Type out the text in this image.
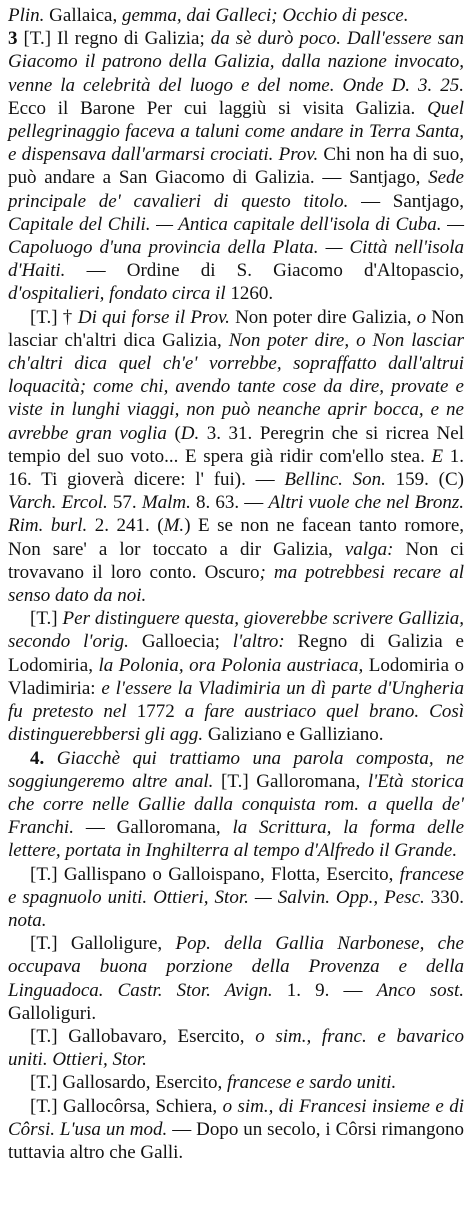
Plin. Gallaica, gemma, dai Galleci; Occhio di pesce.

3 [T.] Il regno di Galizia; da sè durò poco. Dall'essere san Giacomo il patrono della Galizia, dalla nazione invocato, venne la celebrità del luogo e del nome. Onde D. 3. 25. Ecco il Barone Per cui laggiù si visita Galizia. Quel pellegrinaggio faceva a taluni come andare in Terra Santa, e dispensava dall'armarsi crociati. Prov. Chi non ha di suo, può andare a San Giacomo di Galizia. — Santjago, Sede principale de' cavalieri di questo titolo. — Santjago, Capitale del Chili. — Antica capitale dell'isola di Cuba. — Capoluogo d'una provincia della Plata. — Città nell'isola d'Haiti. — Ordine di S. Giacomo d'Altopascio, d'ospitalieri, fondato circa il 1260.

[T.] † Di qui forse il Prov. Non poter dire Galizia, o Non lasciar ch'altri dica Galizia, Non poter dire, o Non lasciar ch'altri dica quel ch'e' vorrebbe, sopraffatto dall'altrui loquacità; come chi, avendo tante cose da dire, provate e viste in lunghi viaggi, non può neanche aprir bocca, e ne avrebbe gran voglia (D. 3. 31. Peregrin che si ricrea Nel tempio del suo voto... E spera già ridir com'ello stea. E 1. 16. Ti gioverà dicere: l' fui). — Bellinc. Son. 159. (C) Varch. Ercol. 57. Malm. 8. 63. — Altri vuole che nel Bronz. Rim. burl. 2. 241. (M.) E se non ne facean tanto romore, Non sare' a lor toccato a dir Galizia, valga: Non ci trovavano il loro conto. Oscuro; ma potrebbesi recare al senso dato da noi.

[T.] Per distinguere questa, gioverebbe scrivere Gallizia, secondo l'orig. Galloecia; l'altro: Regno di Galizia e Lodomiria, la Polonia, ora Polonia austriaca, Lodomiria o Vladimiria: e l'essere la Vladimiria un dì parte d'Ungheria fu pretesto nel 1772 a fare austriaco quel brano. Così distinguerebbersi gli agg. Galiziano e Galliziano.

4. Giacchè qui trattiamo una parola composta, ne soggiungeremo altre anal. [T.] Galloromana, l'Età storica che corre nelle Gallie dalla conquista rom. a quella de' Franchi. — Galloromana, la Scrittura, la forma delle lettere, portata in Inghilterra al tempo d'Alfredo il Grande.

[T.] Gallispano o Galloispano, Flotta, Esercito, francese e spagnuolo uniti. Ottieri, Stor. — Salvin. Opp., Pesc. 330. nota.

[T.] Galloligure, Pop. della Gallia Narbonese, che occupava buona porzione della Provenza e della Linguadoca. Castr. Stor. Avign. 1. 9. — Anco sost. Galloliguri.

[T.] Gallobavaro, Esercito, o sim., franc. e bavarico uniti. Ottieri, Stor.

[T.] Gallosardo, Esercito, francese e sardo uniti.

[T.] Gallocôrsa, Schiera, o sim., di Francesi insieme e di Côrsi. L'usa un mod. — Dopo un secolo, i Côrsi rimangono tuttavia altro che Galli.
